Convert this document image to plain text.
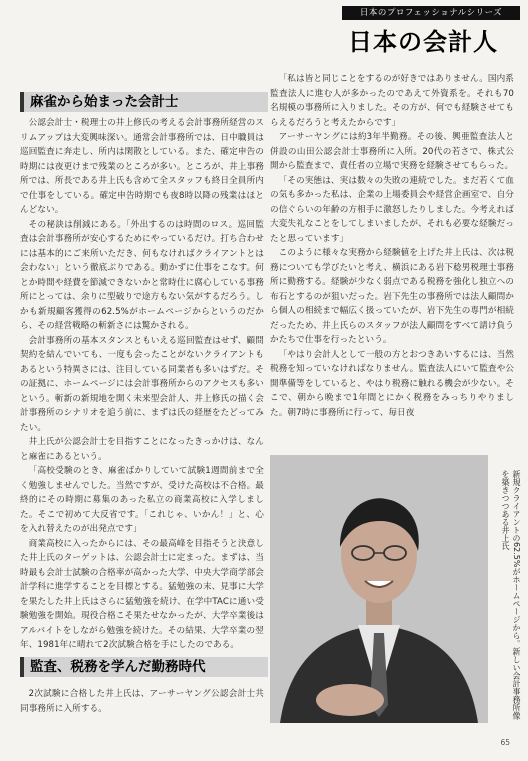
日本のプロフェッショナルシリーズ
日本の会計人
麻雀から始まった会計士

公認会計士・税理士の井上修氏の考える会計事務所経営のスリムアップは大変興味深い。通常会計事務所では、日中職員は巡回監査に奔走し、所内は閑散としている。また、確定申告の時期には夜更けまで残業のところが多い。ところが、井上事務所では、所長である井上氏も含めて全スタッフも終日全員所内で仕事をしている。確定申告時期でも夜8時以降の残業はほとんどない。

その秘訣は削減にある。「外出するのは時間のロス。巡回監査は会計事務所が安心するためにやっているだけ。打ち合わせには基本的にご来所いただき、何もなければクライアントとは会わない」という徹底ぶりである。動かずに仕事をこなす。何とか時間や経費を節減できないかと常時仕に腐心している事務所にとっては、余りに型破りで途方もない気がするだろう。しかも新規顧客獲得の62.5%がホームページからというのだから、その経営戦略の斬新さには驚かされる。

会計事務所の基本スタンスともいえる巡回監査はせず、顧問契約を結んでいても、一度も会ったことがないクライアントもあるという特異さには、注目している同業者も多いはずだ。その証拠に、ホームページには会計事務所からのアクセスも多いという。斬新の新規地を開く未来型会計人、井上修氏の描く会計事務所のシナリオを追う前に、まずは氏の経歴をたどってみたい。

井上氏が公認会計士を目指すことになったきっかけは、なんと麻雀にあるという。

「高校受験のとき、麻雀ばかりしていて試験1週間前まで全く勉強しませんでした。当然ですが、受けた高校は不合格。最終的にその時期に募集のあった私立の商業高校に入学しました。そこで初めて大反省です。「これじゃ、いかん！」と、心を入れ替えたのが出発点です」

商業高校に入ったからには、その最高峰を目指そうと決意した井上氏のターゲットは、公認会計士に定まった。まずは、当時最も会計士試験の合格率が高かった大学、中央大学商学部会計学科に進学することを目標とする。猛勉強の末、見事に大学を果たした井上氏はさらに猛勉強を続け、在学中TACに通い受験勉強を開始。現役合格こそ果たせなかったが、大学卒業後はアルバイトをしながら勉強を続けた。その結果、大学卒業の翌年、1981年に晴れて2次試験合格を手にしたのである。

監査、税務を学んだ勤務時代

2次試験に合格した井上氏は、アーサーヤング公認会計士共同事務所に入所する。

「私は皆と同じことをするのが好きではありません。国内系監査法人に進む人が多かったのであえて外資系を。それも70名規模の事務所に入りました。その方が、何でも経験させてもらえるだろうと考えたからです」

アーサーヤングには約3年半勤務。その後、興亜監査法人と併設の山田公認会計士事務所に入所。20代の若さで、株式公開から監査まで、責任者の立場で実務を経験させてもらった。

「その実態は、実は数々の失敗の連続でした。まだ若くて血の気も多かった私は、企業の上場委員会や経営企画室で、自分の信ぐらいの年齢の方相手に激怒したりしました。今考えれば大変失礼なことをしてしまいましたが、それも必要な経験だったと思っています」

このように様々な実務から経験値を上げた井上氏は、次は税務についても学びたいと考え、横浜にある岩下稔男税理士事務所に勤務する。経験が少なく弱点である税務を強化し独立への布石とするのが狙いだった。岩下先生の事務所では法人顧問から個人の相続まで幅広く扱っていたが、岩下先生の専門が相続だったため、井上氏らのスタッフが法人顧問をすべて請け負うかたちで仕事を行ったという。

「やはり会計人として一般の方とおつきあいするには、当然税務を知っていなければなりません。監査法人にいて監査や公開準備等をしていると、やはり税務に触れる機会が少ない。そこで、朝から晩まで1年間とにかく税務をみっちりやりました。朝7時に事務所に行って、毎日夜

新規クライアントの62.5%がホームページから。新しい会計事務所像を築きつつある井上氏
65
